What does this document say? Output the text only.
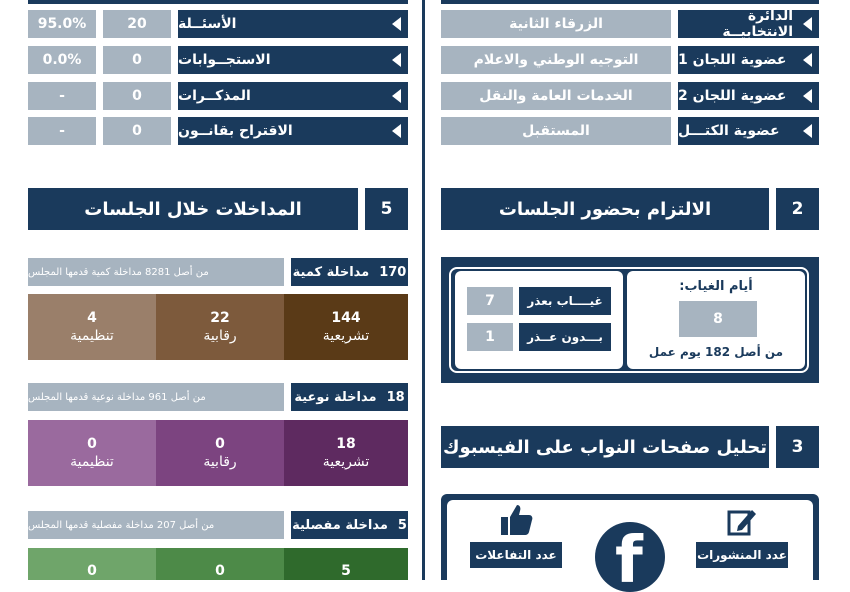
الأسئــلة
20
95.0%
الاستجــوابات
0
0.0%
المذكــرات
0
-
الاقتراح بقانــون
0
-
المداخلات خلال الجلسات	5
170
مداخلة كمية
من أصل 8281 مداخلة كمية قدمها المجلس
144
تشريعية
22
رقابية
4
تنظيمية
18
مداخلة نوعية
من أصل 961 مداخلة نوعية قدمها المجلس
18
تشريعية
0
رقابية
0
تنظيمية
5
مداخلة مفصلية
من أصل 207 مداخلة مفصلية قدمها المجلس
5
0
0
الدائرة الانتخابيــة
الزرقاء الثانية
عضوية اللجان 1
التوجيه الوطني والاعلام
عضوية اللجان 2
الخدمات العامة والنقل
عضوية الكتـــل
المستقبل
2
الالتزام بحضور الجلسات
أيام الغياب:
8
من أصل 182 يوم عمل
غيــــاب بعذر
7
بـــدون عــذر
1
3
تحليل صفحات النواب على الفيسبوك
عدد المنشورات
f
عدد التفاعلات
